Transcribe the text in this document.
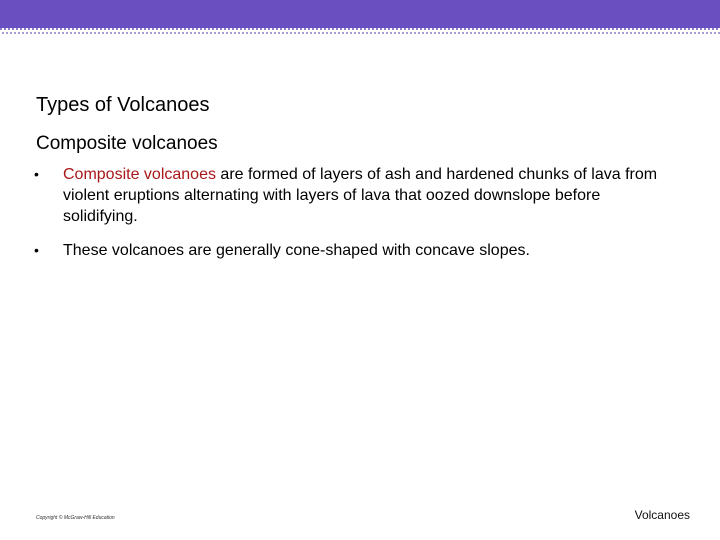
Types of Volcanoes
Composite volcanoes
•	Composite volcanoes are formed of layers of ash and hardened chunks of lava from violent eruptions alternating with layers of lava that oozed downslope before solidifying.
•	These volcanoes are generally cone-shaped with concave slopes.
Copyright © McGraw-Hill Education	Volcanoes
